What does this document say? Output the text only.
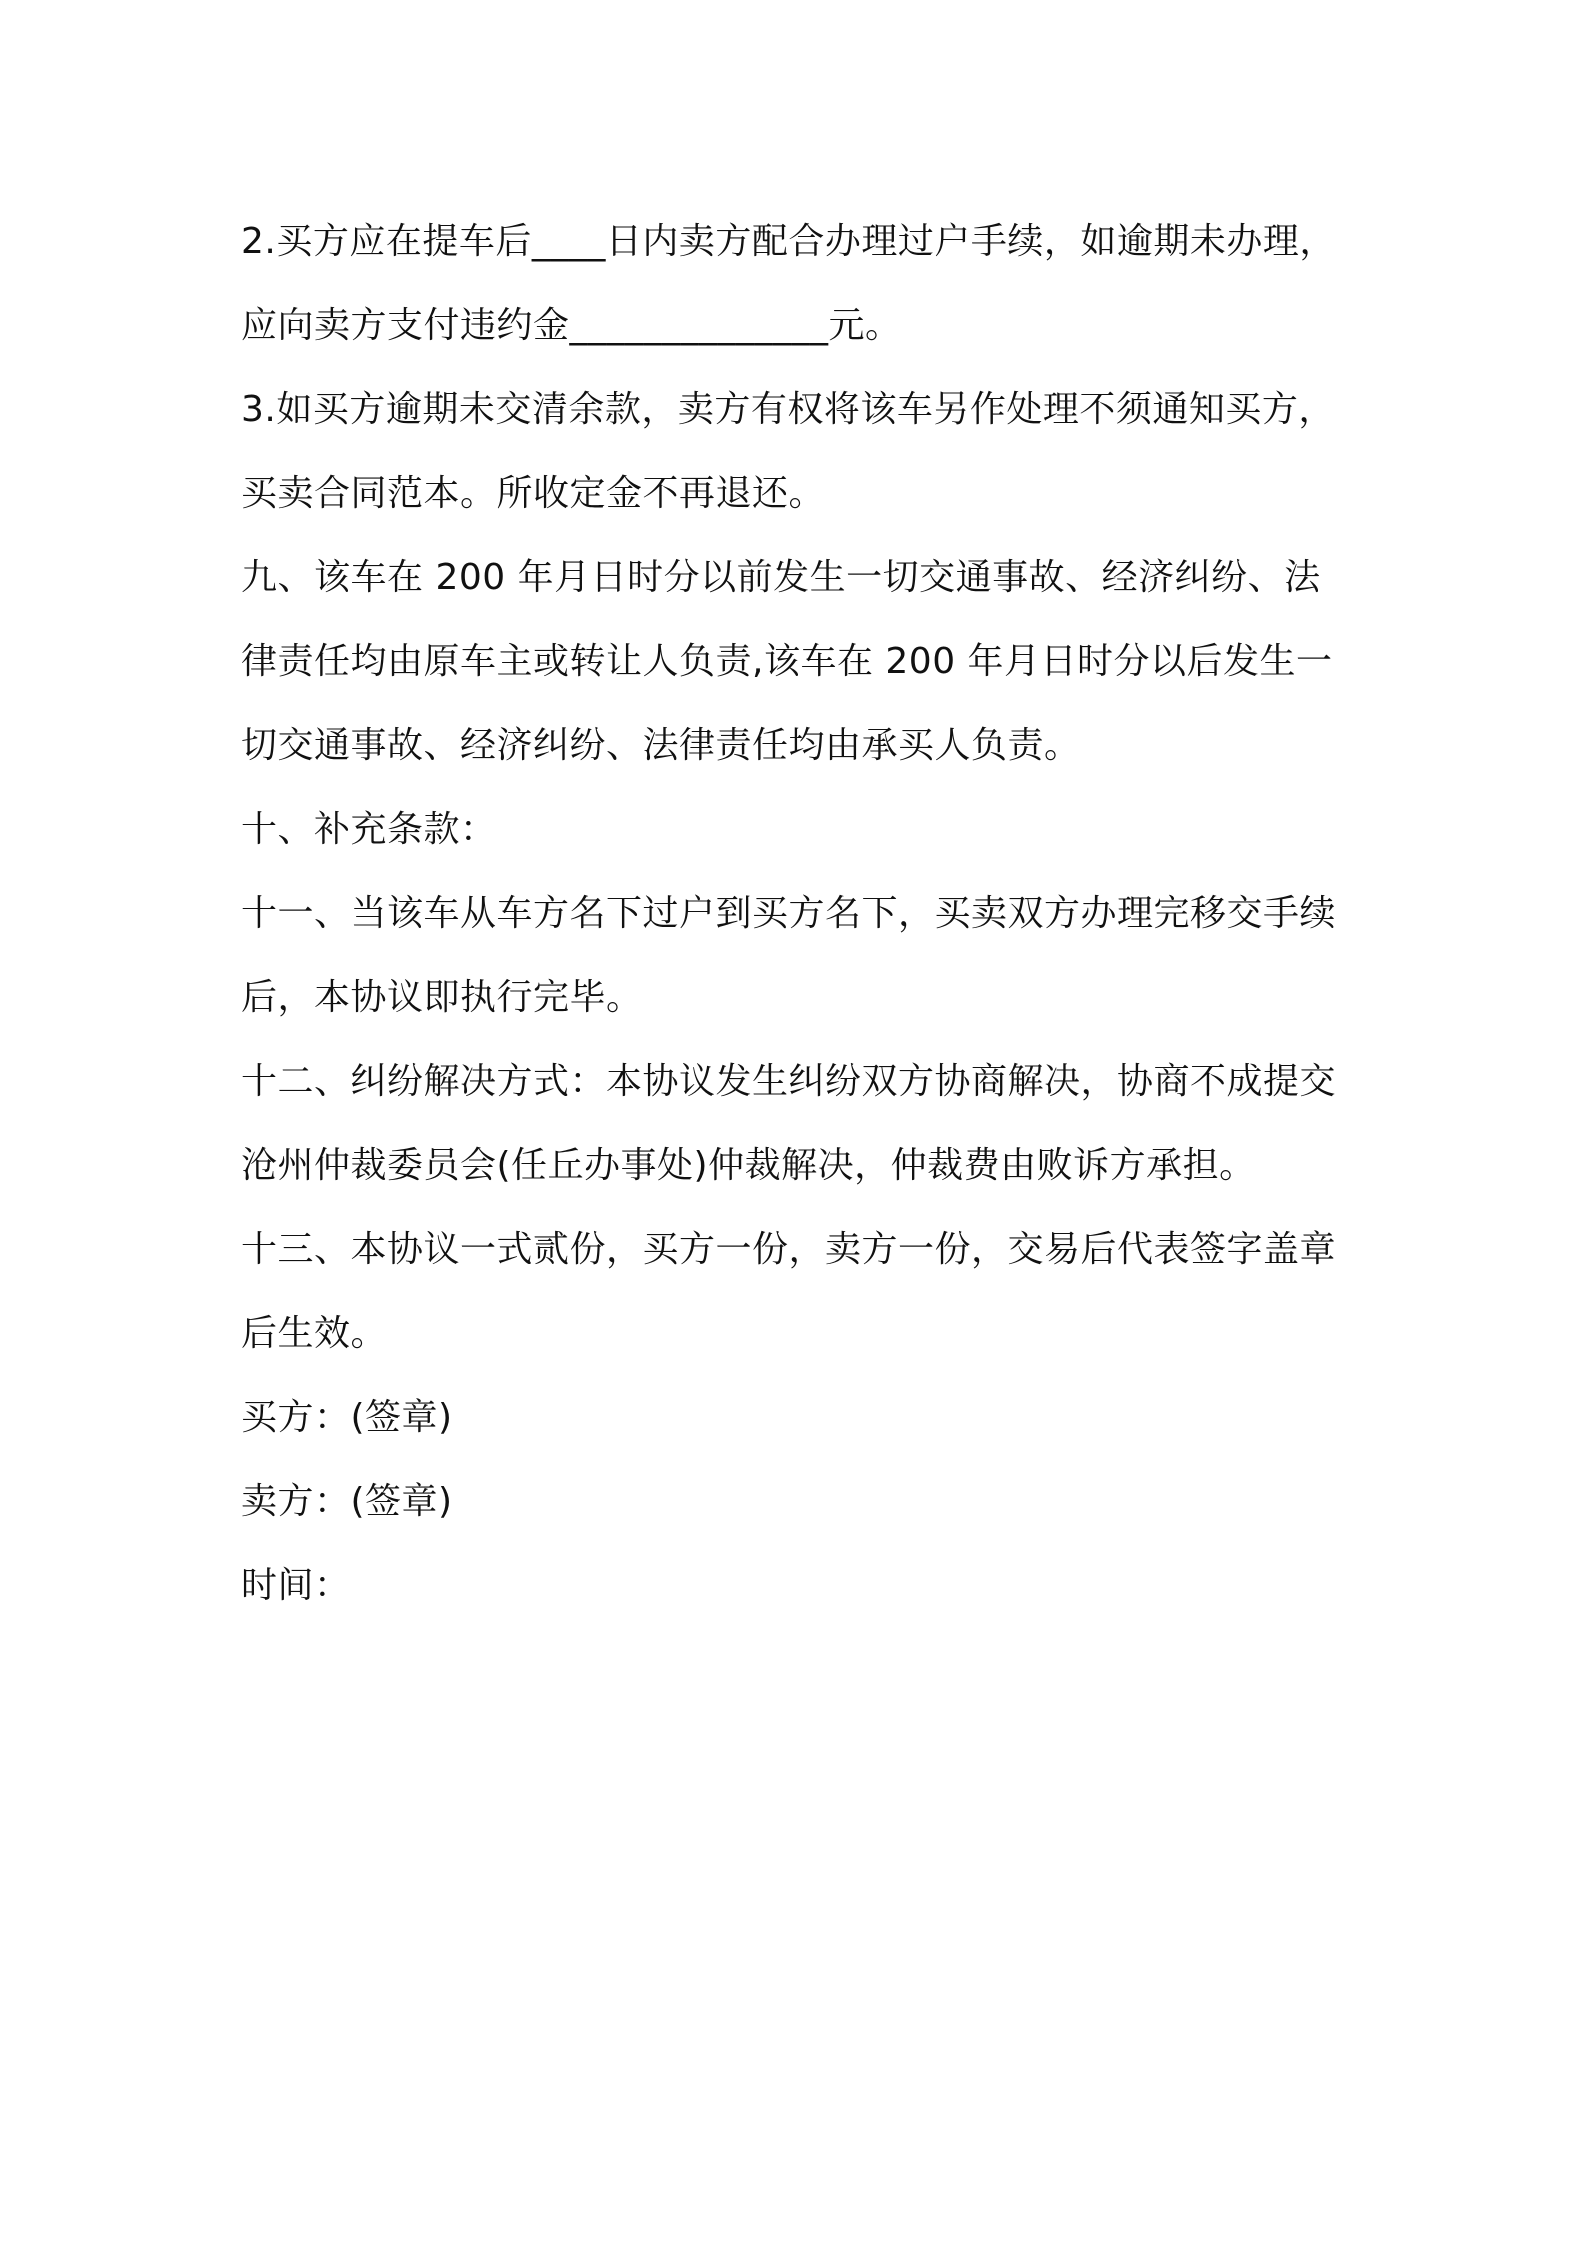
2.买方应在提车后____日内卖方配合办理过户手续，如逾期未办理，
应向卖方支付违约金______________元。

3.如买方逾期未交清余款，卖方有权将该车另作处理不须通知买方，
买卖合同范本。所收定金不再退还。

九、该车在 200 年月日时分以前发生一切交通事故、经济纠纷、法
律责任均由原车主或转让人负责,该车在 200 年月日时分以后发生一
切交通事故、经济纠纷、法律责任均由承买人负责。

十、补充条款：

十一、当该车从车方名下过户到买方名下，买卖双方办理完移交手续
后，本协议即执行完毕。

十二、纠纷解决方式：本协议发生纠纷双方协商解决，协商不成提交
沧州仲裁委员会(任丘办事处)仲裁解决，仲裁费由败诉方承担。

十三、本协议一式贰份，买方一份，卖方一份，交易后代表签字盖章
后生效。

买方：(签章)

卖方：(签章)

时间：
